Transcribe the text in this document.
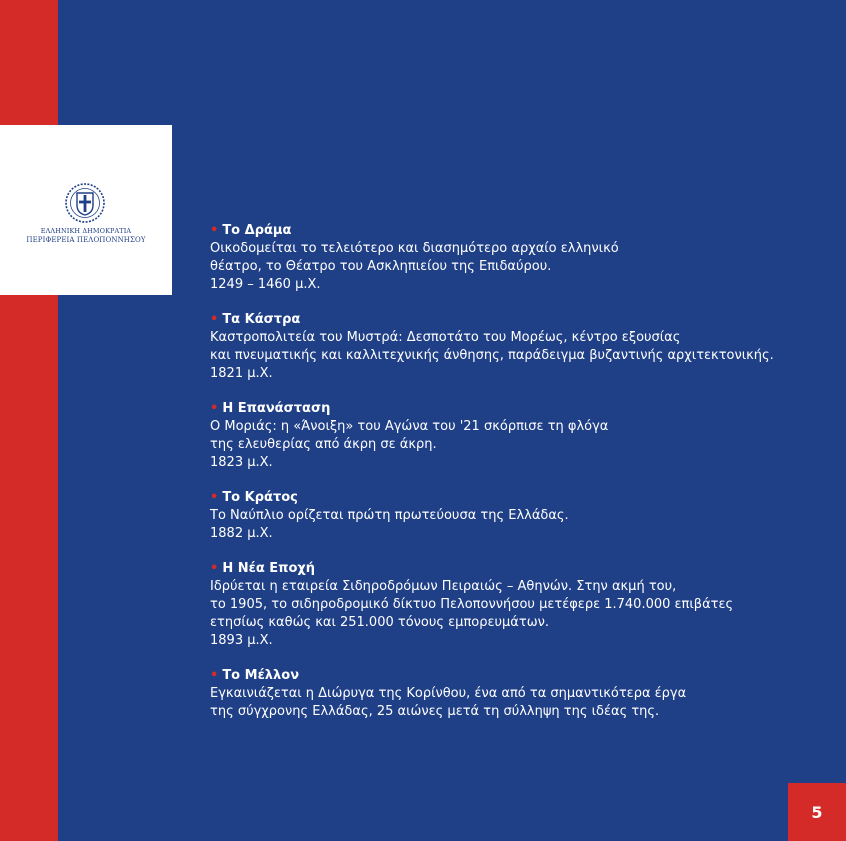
ΕΛΛΗΝΙΚΗ ΔΗΜΟΚΡΑΤΙΑ
ΠΕΡΙΦΕΡΕΙΑ ΠΕΛΟΠΟΝΝΗΣΟΥ
• Το Δράμα
Οικοδομείται το τελειότερο και διασημότερο αρχαίο ελληνικό
θέατρο, το Θέατρο του Ασκληπιείου της Επιδαύρου.
1249 – 1460 μ.Χ.
• Τα Κάστρα
Καστροπολιτεία του Μυστρά: Δεσποτάτο του Μορέως, κέντρο εξουσίας
και πνευματικής και καλλιτεχνικής άνθησης, παράδειγμα βυζαντινής αρχιτεκτονικής.
1821 μ.Χ.
• Η Επανάσταση
Ο Μοριάς: η «Άνοιξη» του Αγώνα του '21 σκόρπισε τη φλόγα
της ελευθερίας από άκρη σε άκρη.
1823 μ.Χ.
• Το Κράτος
Το Ναύπλιο ορίζεται πρώτη πρωτεύουσα της Ελλάδας.
1882 μ.Χ.
• Η Νέα Εποχή
Ιδρύεται η εταιρεία Σιδηροδρόμων Πειραιώς – Αθηνών. Στην ακμή του,
το 1905, το σιδηροδρομικό δίκτυο Πελοποννήσου μετέφερε 1.740.000 επιβάτες
ετησίως καθώς και 251.000 τόνους εμπορευμάτων.
1893 μ.Χ.
• Το Μέλλον
Εγκαινιάζεται η Διώρυγα της Κορίνθου, ένα από τα σημαντικότερα έργα
της σύγχρονης Ελλάδας, 25 αιώνες μετά τη σύλληψη της ιδέας της.
5
